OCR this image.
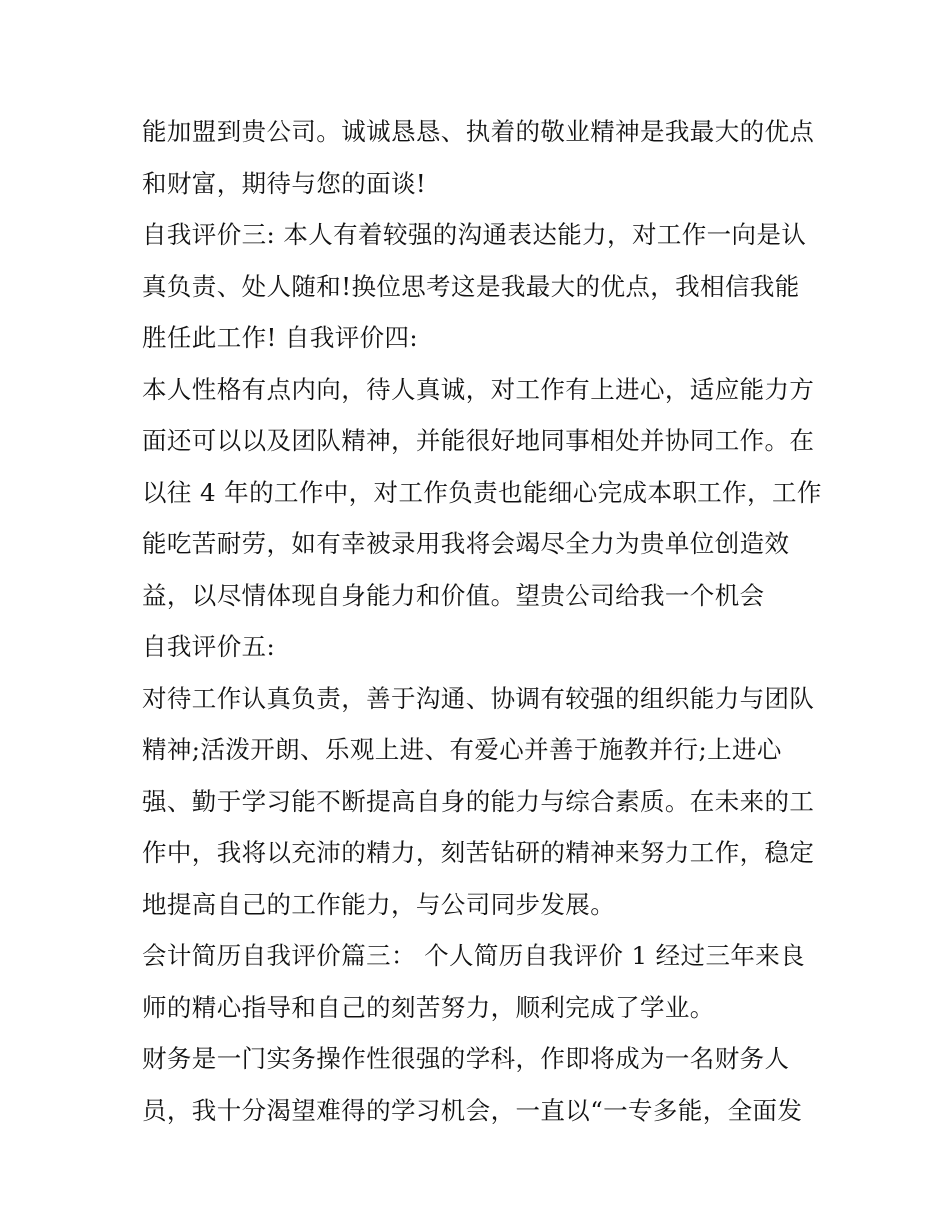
能加盟到贵公司。诚诚恳恳、执着的敬业精神是我最大的优点
和财富，期待与您的面谈!
自我评价三: 本人有着较强的沟通表达能力，对工作一向是认
真负责、处人随和!换位思考这是我最大的优点，我相信我能
胜任此工作! 自我评价四:
本人性格有点内向，待人真诚，对工作有上进心，适应能力方
面还可以以及团队精神，并能很好地同事相处并协同工作。在
以往 4 年的工作中，对工作负责也能细心完成本职工作，工作
能吃苦耐劳，如有幸被录用我将会竭尽全力为贵单位创造效
益，以尽情体现自身能力和价值。望贵公司给我一个机会
自我评价五:
对待工作认真负责，善于沟通、协调有较强的组织能力与团队
精神;活泼开朗、乐观上进、有爱心并善于施教并行;上进心
强、勤于学习能不断提高自身的能力与综合素质。在未来的工
作中，我将以充沛的精力，刻苦钻研的精神来努力工作，稳定
地提高自己的工作能力，与公司同步发展。
会计简历自我评价篇三： 个人简历自我评价 1 经过三年来良
师的精心指导和自己的刻苦努力，顺利完成了学业。
财务是一门实务操作性很强的学科，作即将成为一名财务人
员，我十分渴望难得的学习机会，一直以“一专多能，全面发
